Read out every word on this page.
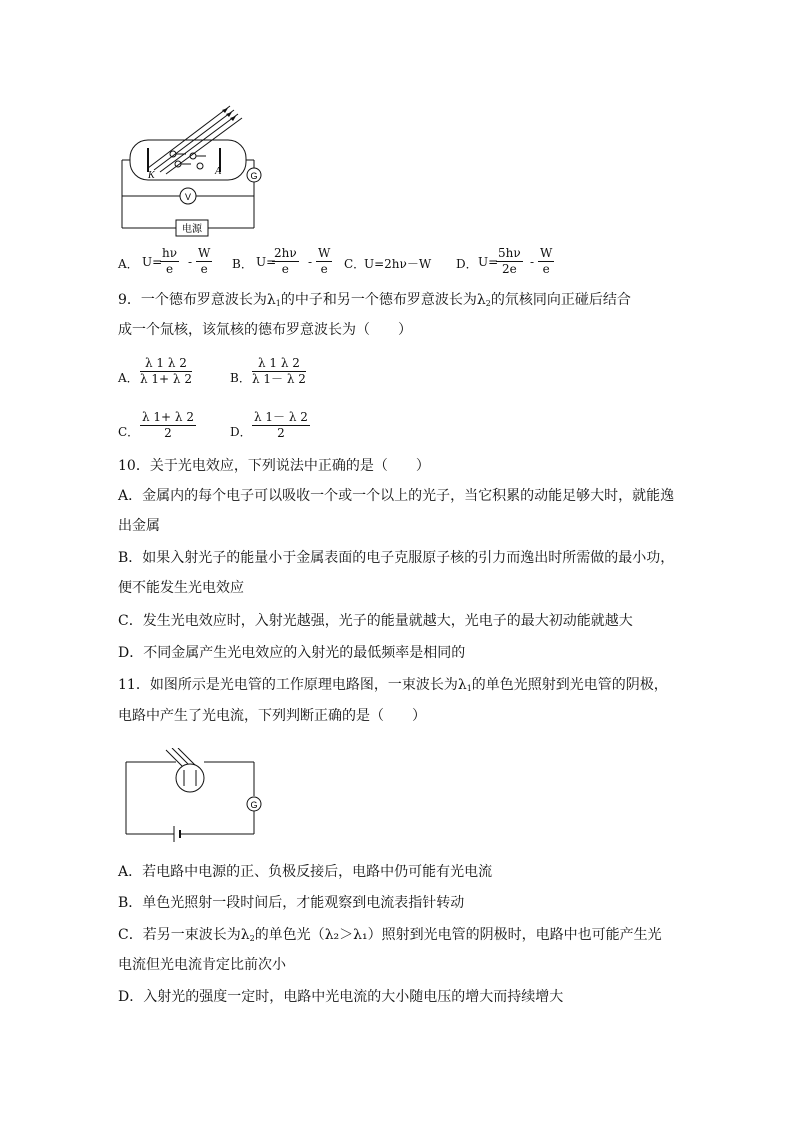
K	A	G
V
电源
A． U=
$\frac{h\nu}{e} - \frac{W}{e}$ B． U=
$\frac{2h\nu}{e} - \frac{W}{e}$ C．
U=2hν－W D． U=
$\frac{5h\nu}{2e} - \frac{W}{e}$
9．一个德布罗意波长为$\lambda_1$的中子和另一个德布罗意波长为$\lambda_2$的氘核同向正碰后结合
成一个氚核，该氚核的德布罗意波长为（　　）
A． $\frac{\lambda 1 \lambda 2}{\lambda 1+ \lambda 2}$	B． $\frac{\lambda 1 \lambda 2}{\lambda 1- \lambda 2}$
C． $\frac{\lambda 1+ \lambda 2}{2}$	D． $\frac{\lambda 1- \lambda 2}{2}$
10．关于光电效应，下列说法中正确的是（　　）
A．金属内的每个电子可以吸收一个或一个以上的光子，当它积累的动能足够大时，就能逸
出金属
B．如果入射光子的能量小于金属表面的电子克服原子核的引力而逸出时所需做的最小功，
便不能发生光电效应
C．发生光电效应时，入射光越强，光子的能量就越大，光电子的最大初动能就越大
D．不同金属产生光电效应的入射光的最低频率是相同的
11．如图所示是光电管的工作原理电路图，一束波长为$\lambda_1$的单色光照射到光电管的阴极，
电路中产生了光电流，下列判断正确的是（　　）
G
A．若电路中电源的正、负极反接后，电路中仍可能有光电流
B．单色光照射一段时间后，才能观察到电流表指针转动
C．若另一束波长为$\lambda_2$的单色光（λ₂＞λ₁）照射到光电管的阴极时，电路中也可能产生光
电流但光电流肯定比前次小
D．入射光的强度一定时，电路中光电流的大小随电压的增大而持续增大
